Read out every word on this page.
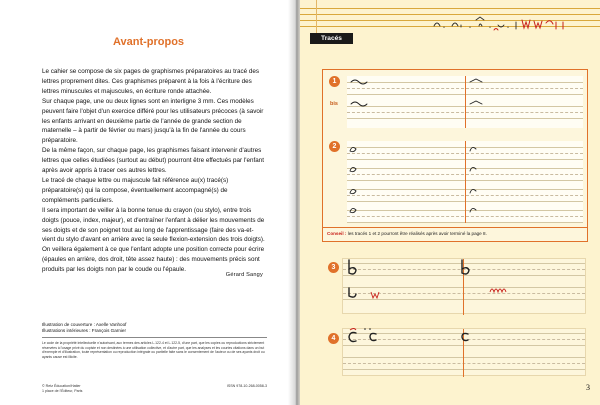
Avant-propos

Le cahier se compose de six pages de graphismes préparatoires au tracé des lettres proprement dites. Ces graphismes préparent à la fois à l'écriture des lettres minuscules et majuscules, en écriture ronde attachée.

Sur chaque page, une ou deux lignes sont en interligne 3 mm. Ces modèles peuvent faire l'objet d'un exercice différé pour les utilisateurs précoces (à savoir les enfants arrivant en deuxième partie de l'année de grande section de maternelle – à partir de février ou mars) jusqu'à la fin de l'année du cours préparatoire.

De la même façon, sur chaque page, les graphismes faisant intervenir d'autres lettres que celles étudiées (surtout au début) pourront être effectués par l'enfant après avoir appris à tracer ces autres lettres.

Le tracé de chaque lettre ou majuscule fait référence au(x) tracé(s) préparatoire(s) qui la compose, éventuellement accompagné(s) de compléments particuliers.

Il sera important de veiller à la bonne tenue du crayon (ou stylo), entre trois doigts (pouce, index, majeur), et d'entraîner l'enfant à délier les mouvements de ses doigts et de son poignet tout au long de l'apprentissage (faire des va-et-vient du stylo d'avant en arrière avec la seule flexion-extension des trois doigts).

On veillera également à ce que l'enfant adopte une position correcte pour écrire (épaules en arrière, dos droit, tête assez haute) : des mouvements précis sont produits par les doigts non par le coude ou l'épaule.

Gérard Sangy
Illustration de couverture : Axelle Vanhoof
Illustrations intérieures : François Garnier
Le code de la propriété intellectuelle n'autorisant, aux termes des articles L.122-4 et L.122-5, d'une part, que les copies ou reproductions strictement réservées à l'usage privé du copiste et non destinées à une utilisation collective, et d'autre part, que les analyses et les courtes citations dans un but d'exemple et d'illustration, toute représentation ou reproduction intégrale ou partielle faite sans le consentement de l'auteur ou de ses ayants droit ou ayants cause est illicite.
© Retz Éducation/Hatier
1 place de l'Éditeur, Paris
ISSN 978-10-268-0058-3
Tracés
1
bis
2
Conseil : les tracés 1 et 2 pourront être réalisés après avoir terminé la page 8.
3
4
3
